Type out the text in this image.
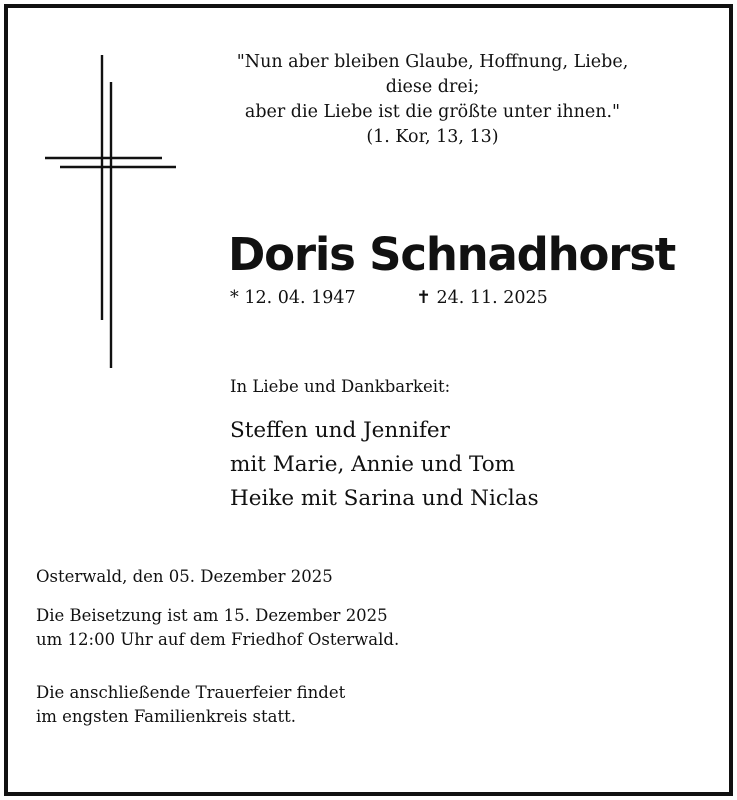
"Nun aber bleiben Glaube, Hoffnung, Liebe,
diese drei;
aber die Liebe ist die größte unter ihnen."
(1. Kor, 13, 13)
Doris Schnadhorst
* 12. 04. 1947	✝ 24. 11. 2025
In Liebe und Dankbarkeit:
Steffen und Jennifer
mit Marie, Annie und Tom
Heike mit Sarina und Niclas
Osterwald, den 05. Dezember 2025
Die Beisetzung ist am 15. Dezember 2025
um 12:00 Uhr auf dem Friedhof Osterwald.
Die anschließende Trauerfeier findet
im engsten Familienkreis statt.
